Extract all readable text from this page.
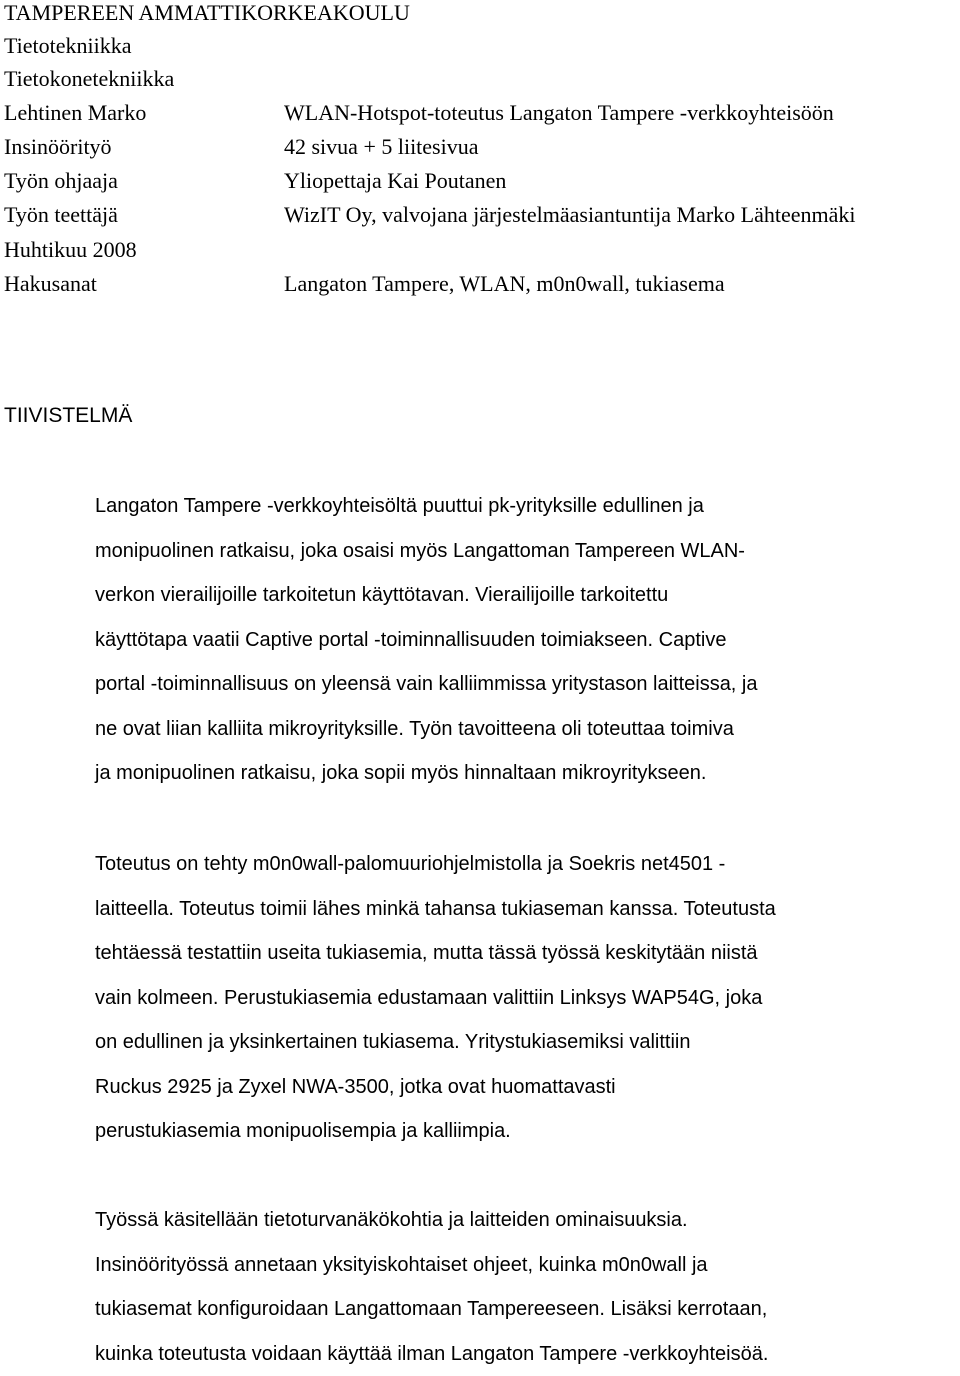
TAMPEREEN AMMATTIKORKEAKOULU
Tietotekniikka
Tietokonetekniikka
Lehtinen Marko	WLAN-Hotspot-toteutus Langaton Tampere -verkkoyhteisöön
Insinöörityö	42 sivua + 5 liitesivua
Työn ohjaaja	Yliopettaja Kai Poutanen
Työn teettäjä	WizIT Oy, valvojana järjestelmäasiantuntija Marko Lähteenmäki
Huhtikuu 2008
Hakusanat	Langaton Tampere, WLAN, m0n0wall, tukiasema
TIIVISTELMÄ

Langaton Tampere -verkkoyhteisöltä puuttui pk-yrityksille edullinen ja
monipuolinen ratkaisu, joka osaisi myös Langattoman Tampereen WLAN-
verkon vierailijoille tarkoitetun käyttötavan. Vierailijoille tarkoitettu
käyttötapa vaatii Captive portal -toiminnallisuuden toimiakseen. Captive
portal -toiminnallisuus on yleensä vain kalliimmissa yritystason laitteissa, ja
ne ovat liian kalliita mikroyrityksille. Työn tavoitteena oli toteuttaa toimiva
ja monipuolinen ratkaisu, joka sopii myös hinnaltaan mikroyritykseen.

Toteutus on tehty m0n0wall-palomuuriohjelmistolla ja Soekris net4501 -
laitteella. Toteutus toimii lähes minkä tahansa tukiaseman kanssa. Toteutusta
tehtäessä testattiin useita tukiasemia, mutta tässä työssä keskitytään niistä
vain kolmeen. Perustukiasemia edustamaan valittiin Linksys WAP54G, joka
on edullinen ja yksinkertainen tukiasema. Yritystukiasemiksi valittiin
Ruckus 2925 ja Zyxel NWA-3500, jotka ovat huomattavasti
perustukiasemia monipuolisempia ja kalliimpia.

Työssä käsitellään tietoturvanäkökohtia ja laitteiden ominaisuuksia.
Insinöörityössä annetaan yksityiskohtaiset ohjeet, kuinka m0n0wall ja
tukiasemat konfiguroidaan Langattomaan Tampereeseen. Lisäksi kerrotaan,
kuinka toteutusta voidaan käyttää ilman Langaton Tampere -verkkoyhteisöä.
